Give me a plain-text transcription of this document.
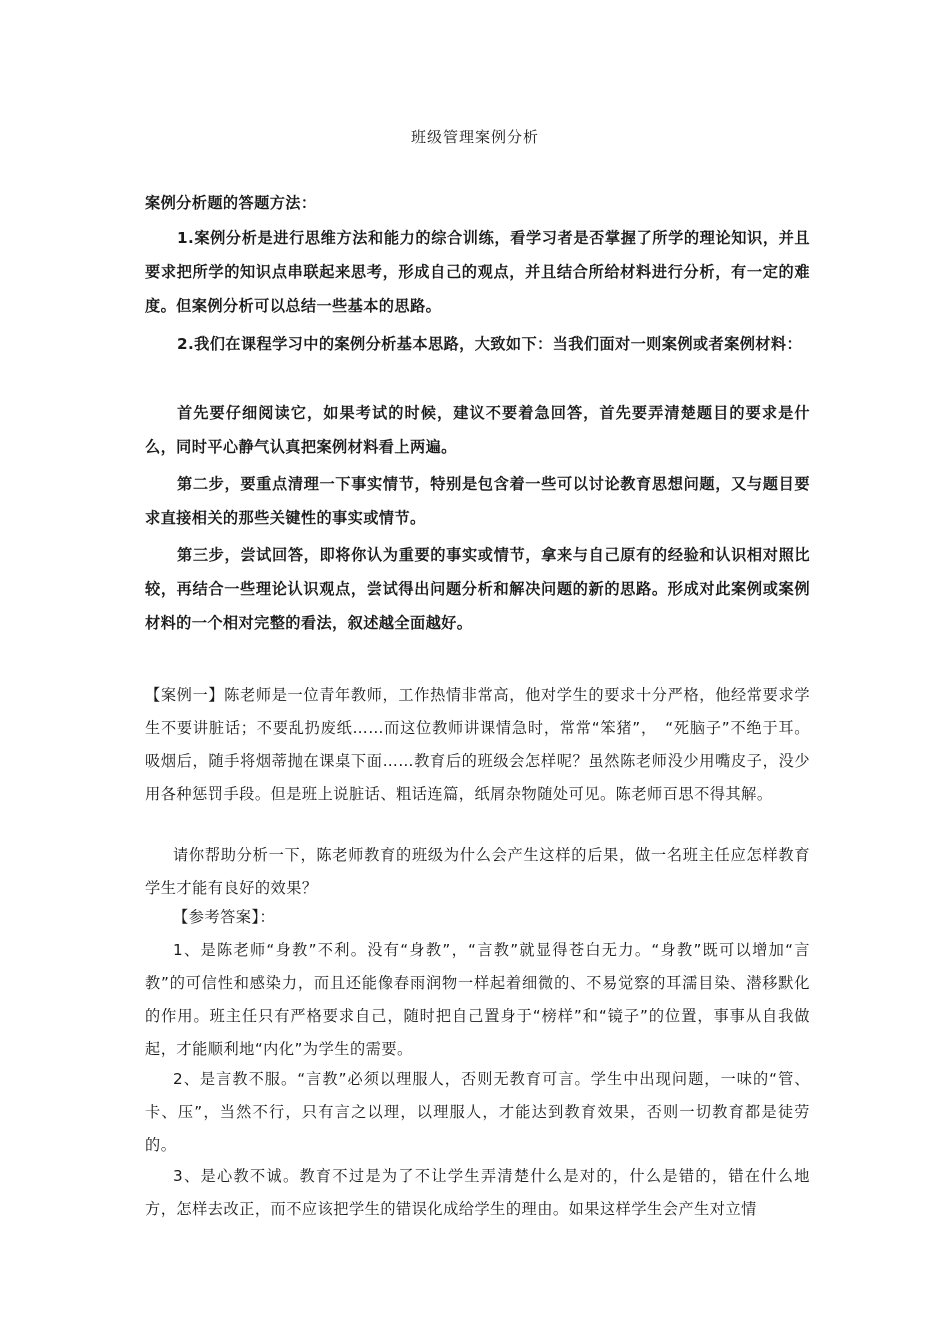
班级管理案例分析

案例分析题的答题方法：

1.案例分析是进行思维方法和能力的综合训练，看学习者是否掌握了所学的理论知识，并且要求把所学的知识点串联起来思考，形成自己的观点，并且结合所给材料进行分析，有一定的难度。但案例分析可以总结一些基本的思路。

2.我们在课程学习中的案例分析基本思路，大致如下：当我们面对一则案例或者案例材料：

首先要仔细阅读它，如果考试的时候，建议不要着急回答，首先要弄清楚题目的要求是什么，同时平心静气认真把案例材料看上两遍。

第二步，要重点清理一下事实情节，特别是包含着一些可以讨论教育思想问题，又与题目要求直接相关的那些关键性的事实或情节。

第三步，尝试回答，即将你认为重要的事实或情节，拿来与自己原有的经验和认识相对照比较，再结合一些理论认识观点，尝试得出问题分析和解决问题的新的思路。形成对此案例或案例材料的一个相对完整的看法，叙述越全面越好。

【案例一】陈老师是一位青年教师，工作热情非常高，他对学生的要求十分严格，他经常要求学生不要讲脏话；不要乱扔废纸……而这位教师讲课情急时，常常“笨猪”，　“死脑子”不绝于耳。吸烟后，随手将烟蒂抛在课桌下面……教育后的班级会怎样呢？虽然陈老师没少用嘴皮子，没少用各种惩罚手段。但是班上说脏话、粗话连篇，纸屑杂物随处可见。陈老师百思不得其解。

请你帮助分析一下，陈老师教育的班级为什么会产生这样的后果，做一名班主任应怎样教育学生才能有良好的效果？

【参考答案】：

1、是陈老师“身教”不利。没有“身教”，“言教”就显得苍白无力。“身教”既可以增加“言教”的可信性和感染力，而且还能像春雨润物一样起着细微的、不易觉察的耳濡目染、潜移默化的作用。班主任只有严格要求自己，随时把自己置身于“榜样”和“镜子”的位置，事事从自我做起，才能顺利地“内化”为学生的需要。

2、是言教不服。“言教”必须以理服人，否则无教育可言。学生中出现问题，一味的“管、卡、压”，当然不行，只有言之以理，以理服人，才能达到教育效果，否则一切教育都是徒劳的。

3、是心教不诚。教育不过是为了不让学生弄清楚什么是对的，什么是错的，错在什么地方，怎样去改正，而不应该把学生的错误化成给学生的理由。如果这样学生会产生对立情
